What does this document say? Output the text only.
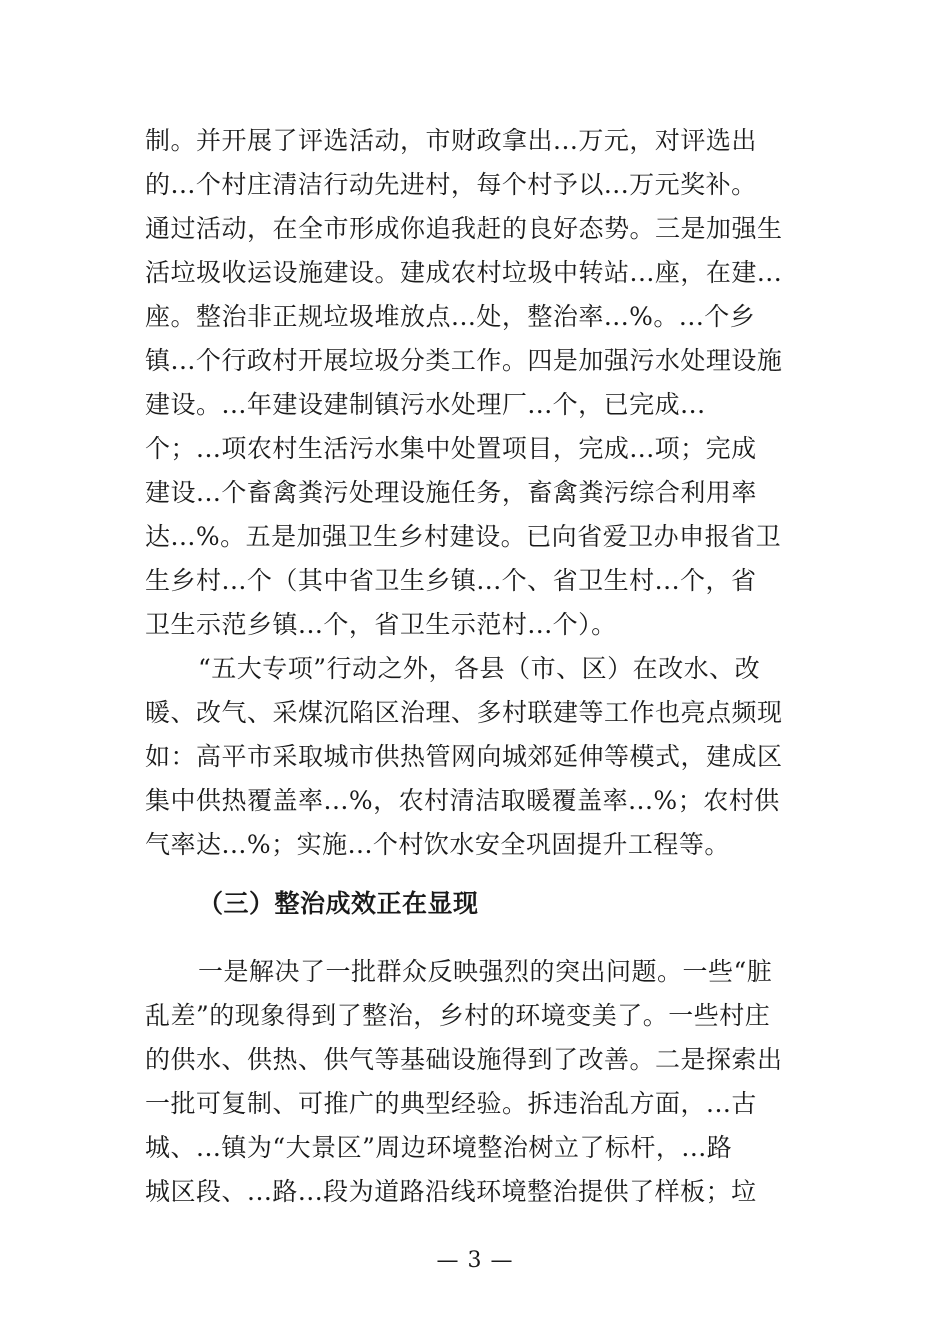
制。并开展了评选活动，市财政拿出...万元，对评选出
的...个村庄清洁行动先进村，每个村予以...万元奖补。
通过活动，在全市形成你追我赶的良好态势。三是加强生
活垃圾收运设施建设。建成农村垃圾中转站...座，在建...
座。整治非正规垃圾堆放点...处，整治率...%。...个乡
镇...个行政村开展垃圾分类工作。四是加强污水处理设施
建设。...年建设建制镇污水处理厂...个，已完成...
个；...项农村生活污水集中处置项目，完成...项；完成
建设...个畜禽粪污处理设施任务，畜禽粪污综合利用率
达...%。五是加强卫生乡村建设。已向省爱卫办申报省卫
生乡村...个（其中省卫生乡镇...个、省卫生村...个，省
卫生示范乡镇...个，省卫生示范村...个）。
“五大专项”行动之外，各县（市、区）在改水、改
暖、改气、采煤沉陷区治理、多村联建等工作也亮点频现
如：高平市采取城市供热管网向城郊延伸等模式，建成区
集中供热覆盖率...%，农村清洁取暖覆盖率...%；农村供
气率达...%；实施...个村饮水安全巩固提升工程等。
（三）整治成效正在显现
一是解决了一批群众反映强烈的突出问题。一些“脏
乱差”的现象得到了整治，乡村的环境变美了。一些村庄
的供水、供热、供气等基础设施得到了改善。二是探索出
一批可复制、可推广的典型经验。拆违治乱方面，...古
城、...镇为“大景区”周边环境整治树立了标杆，...路
城区段、...路...段为道路沿线环境整治提供了样板；垃
— 3 —
